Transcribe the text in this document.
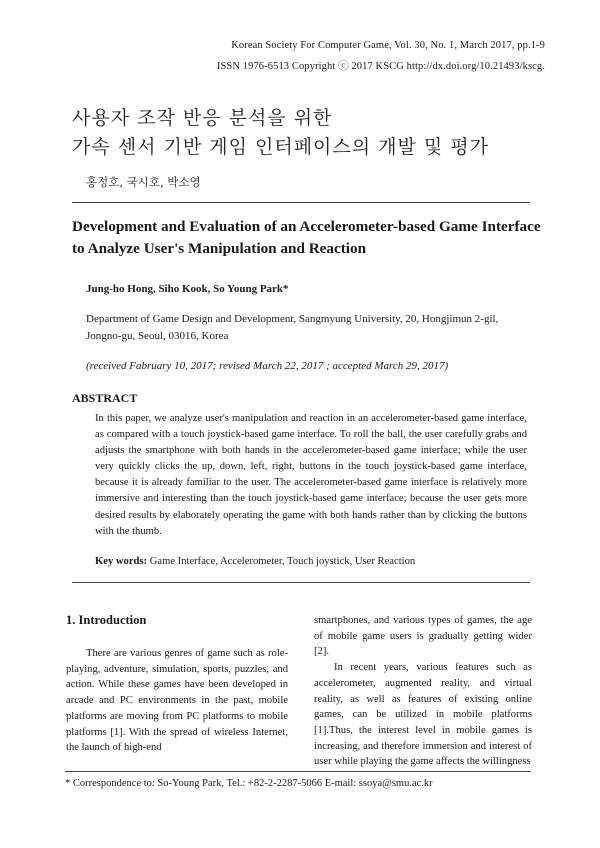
Korean Society For Computer Game, Vol. 30, No. 1, March 2017, pp.1-9
ISSN 1976-6513 Copyright ⓒ 2017 KSCG http://dx.doi.org/10.21493/kscg.
사용자 조작 반응 분석을 위한
가속 센서 기반 게임 인터페이스의 개발 및 평가
홍정호, 국시호, 박소영
Development and Evaluation of an Accelerometer-based Game Interface
to Analyze User's Manipulation and Reaction
Jung-ho Hong, Siho Kook, So Young Park*
Department of Game Design and Development, Sangmyung University, 20, Hongjimun 2-gil,
Jongno-gu, Seoul, 03016, Korea
(received Fabruary 10, 2017; revised March 22, 2017 ; accepted March 29, 2017)
ABSTRACT
In this paper, we analyze user's manipulation and reaction in an accelerometer-based game interface, as compared with a touch joystick-based game interface. To roll the ball, the user carefully grabs and adjusts the smartphone with both hands in the accelerometer-based game interface; while the user very quickly clicks the up, down, left, right, buttons in the touch joystick-based game interface, because it is already familiar to the user. The accelerometer-based game interface is relatively more immersive and interesting than the touch joystick-based game interface; because the user gets more desired results by elaborately operating the game with both hands rather than by clicking the buttons with the thumb.
Key words: Game Interface, Accelerometer, Touch joystick, User Reaction
1. Introduction

There are various genres of game such as role-playing, adventure, simulation, sports, puzzles, and action. While these games have been developed in arcade and PC environments in the past, mobile platforms are moving from PC platforms to mobile platforms [1]. With the spread of wireless Internet, the launch of high-end

smartphones, and various types of games, the age of mobile game users is gradually getting wider [2].

In recent years, various features such as accelerometer, augmented reality, and virtual reality, as well as features of existing online games, can be utilized in mobile platforms [1].Thus, the interest level in mobile games is increasing, and therefore immersion and interest of user while playing the game affects the willingness

* Correspondence to: So-Young Park, Tel.: +82-2-2287-5066 E-mail: ssoya@smu.ac.kr
